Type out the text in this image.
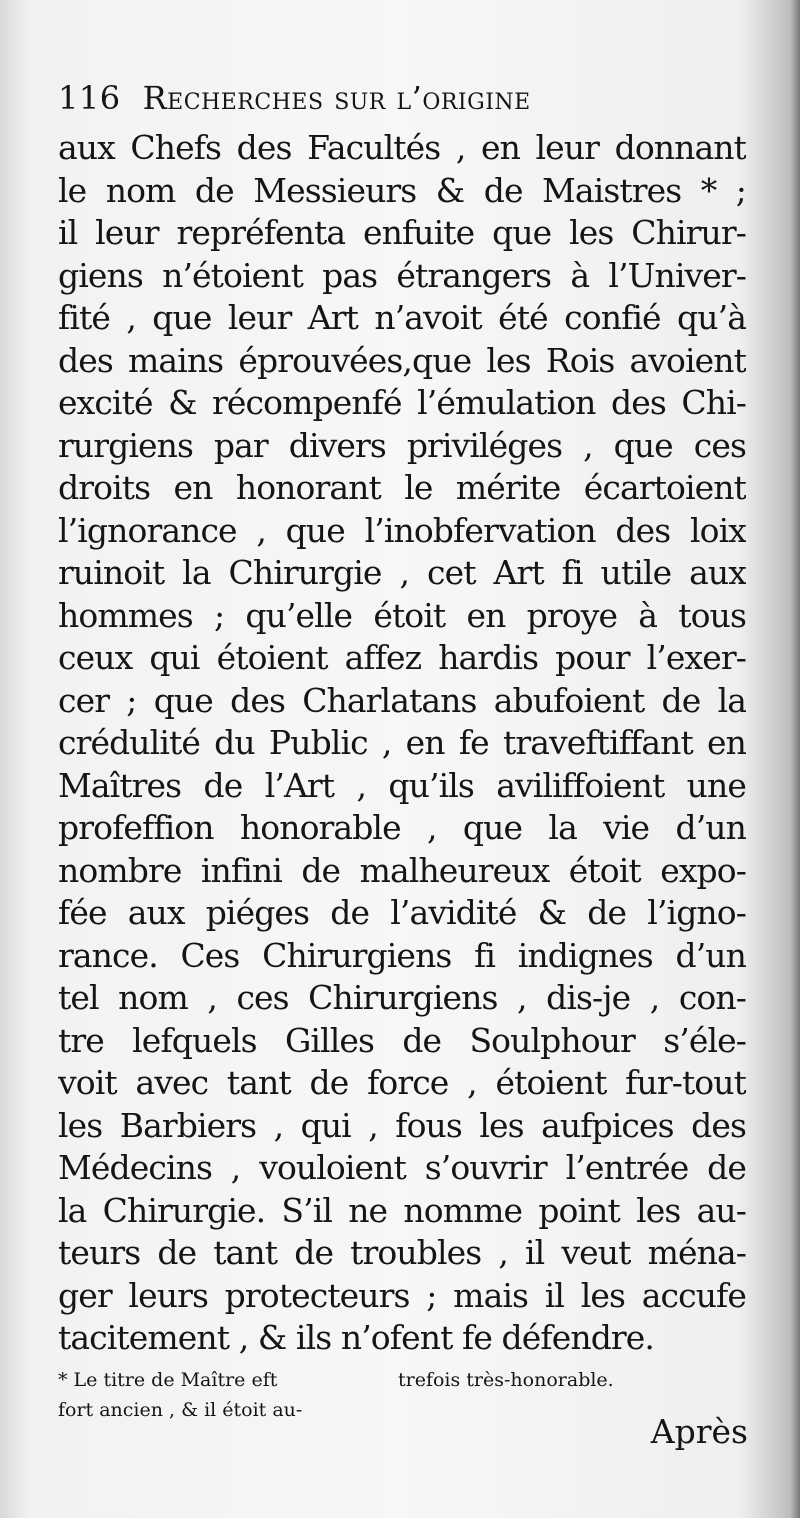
116 Recherches sur l’origine
aux Chefs des Facultés , en leur donnant
le nom de Messieurs & de Maistres * ;
il leur repréfenta enfuite que les Chirur-
giens n’étoient pas étrangers à l’Univer-
fité , que leur Art n’avoit été confié qu’à
des mains éprouvées,que les Rois avoient
excité & récompenfé l’émulation des Chi-
rurgiens par divers priviléges , que ces
droits en honorant le mérite écartoient
l’ignorance , que l’inobfervation des loix
ruinoit la Chirurgie , cet Art fi utile aux
hommes ; qu’elle étoit en proye à tous
ceux qui étoient affez hardis pour l’exer-
cer ; que des Charlatans abufoient de la
crédulité du Public , en fe traveftiffant en
Maîtres de l’Art , qu’ils aviliffoient une
profeffion honorable , que la vie d’un
nombre infini de malheureux étoit expo-
fée aux piéges de l’avidité & de l’igno-
rance. Ces Chirurgiens fi indignes d’un
tel nom , ces Chirurgiens , dis-je , con-
tre lefquels Gilles de Soulphour s’éle-
voit avec tant de force , étoient fur-tout
les Barbiers , qui , fous les aufpices des
Médecins , vouloient s’ouvrir l’entrée de
la Chirurgie. S’il ne nomme point les au-
teurs de tant de troubles , il veut ména-
ger leurs protecteurs ; mais il les accufe
tacitement , & ils n’ofent fe défendre.
* Le titre de Maître eft	trefois très-honorable.
fort ancien , & il étoit au-
Après
